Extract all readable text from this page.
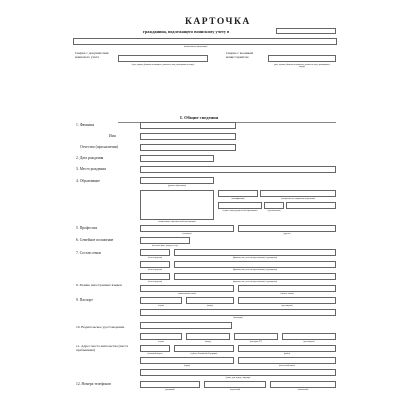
КАРТОЧКА
гражданина, подлежащего воинскому учету в
(наименование организации)
Сверка с документами воинского учета
(дата, подпись, фамилия и инициалы, должность лица, проводившего сверку)
Сверка с военным комиссариатом
(дата, подпись, фамилия и инициалы, должность лица, проводившего сверку)
I. Общие сведения
1. Фамилия
Имя
Отчество (при наличии)
2. Дата рождения
3. Место рождения
4. Образование
(уровень образования)
(квалификация)	(специальность, направление подготовки)
(наименование образовательной организации)
(серия и номер документа об образовании)	(год окончания)
5. Профессия
(основная)	(другие)
6. Семейное положение
(состоит в браке, разведен и т.д.)
7. Состав семьи
(степень родства)	(фамилия, имя, отчество (при наличии), год рождения)
(степень родства)	(фамилия, имя, отчество (при наличии), год рождения)
(степень родства)	(фамилия, имя, отчество (при наличии), год рождения)
8. Знание иностранных языков
(наименование языка)	(степень знания)
9. Паспорт
(серия)	(номер)	(дата выдачи)
(кем выдан)
10. Водительское удостоверение
(серия)	(номер)	(категория ТС)	(дата выдачи)
11. Адрес места жительства (места пребывания)
(почтовый индекс)	(субъект Российской Федерации)	(район)
(город)	(населенный пункт)
(улица, дом, корпус, квартира)
12. Номера телефонов
(домашний)	(служебный)	(мобильный)
